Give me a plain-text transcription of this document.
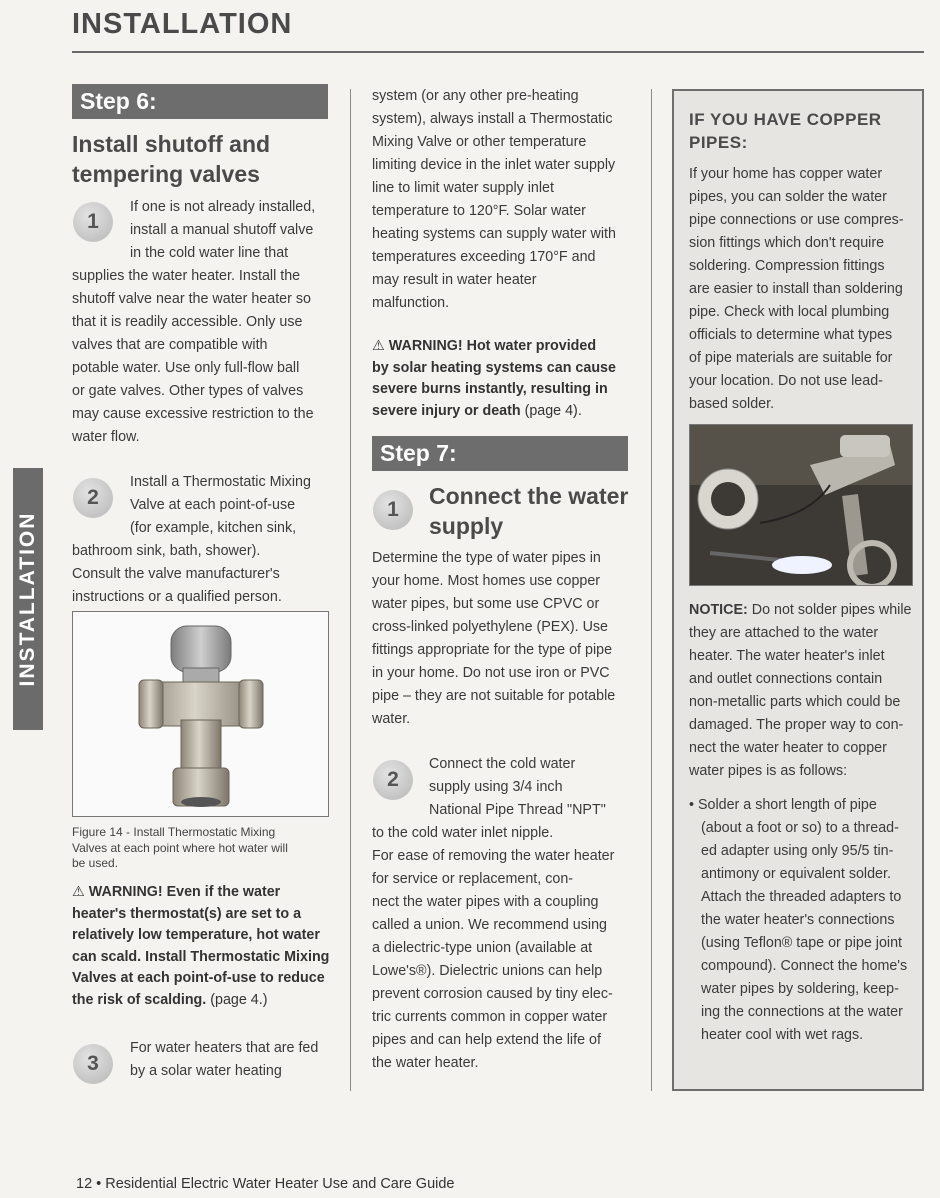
INSTALLATION
INSTALLATION
Step 6:
Install shutoff and
tempering valves
1
If one is not already installed,
install a manual shutoff valve
in the cold water line that
supplies the water heater. Install the
shutoff valve near the water heater so
that it is readily accessible. Only use
valves that are compatible with
potable water. Use only full-flow ball
or gate valves. Other types of valves
may cause excessive restriction to the
water flow.
2
Install a Thermostatic Mixing
Valve at each point-of-use
(for example, kitchen sink,
bathroom sink, bath, shower).
Consult the valve manufacturer's
instructions or a qualified person.
Figure 14 - Install Thermostatic Mixing
Valves at each point where hot water will
be used.
⚠ WARNING! Even if the water
heater's thermostat(s) are set to a
relatively low temperature, hot water
can scald. Install Thermostatic Mixing
Valves at each point-of-use to reduce
the risk of scalding. (page 4.)
3
For water heaters that are fed
by a solar water heating
system (or any other pre-heating
system), always install a Thermostatic
Mixing Valve or other temperature
limiting device in the inlet water supply
line to limit water supply inlet
temperature to 120°F. Solar water
heating systems can supply water with
temperatures exceeding 170°F and
may result in water heater
malfunction.
⚠ WARNING! Hot water provided
by solar heating systems can cause
severe burns instantly, resulting in
severe injury or death (page 4).
Step 7:
1
Connect the water
supply
Determine the type of water pipes in
your home. Most homes use copper
water pipes, but some use CPVC or
cross-linked polyethylene (PEX). Use
fittings appropriate for the type of pipe
in your home. Do not use iron or PVC
pipe – they are not suitable for potable
water.
2
Connect the cold water
supply using 3/4 inch
National Pipe Thread "NPT"
to the cold water inlet nipple.
For ease of removing the water heater
for service or replacement, con-
nect the water pipes with a coupling
called a union. We recommend using
a dielectric-type union (available at
Lowe's®). Dielectric unions can help
prevent corrosion caused by tiny elec-
tric currents common in copper water
pipes and can help extend the life of
the water heater.
IF YOU HAVE COPPER
PIPES:
If your home has copper water
pipes, you can solder the water
pipe connections or use compres-
sion fittings which don't require
soldering. Compression fittings
are easier to install than soldering
pipe. Check with local plumbing
officials to determine what types
of pipe materials are suitable for
your location. Do not use lead-
based solder.
NOTICE: Do not solder pipes while
they are attached to the water
heater. The water heater's inlet
and outlet connections contain
non-metallic parts which could be
damaged. The proper way to con-
nect the water heater to copper
water pipes is as follows:
• Solder a short length of pipe
(about a foot or so) to a thread-
ed adapter using only 95/5 tin-
antimony or equivalent solder.
Attach the threaded adapters to
the water heater's connections
(using Teflon® tape or pipe joint
compound). Connect the home's
water pipes by soldering, keep-
ing the connections at the water
heater cool with wet rags.
12 • Residential Electric Water Heater Use and Care Guide
